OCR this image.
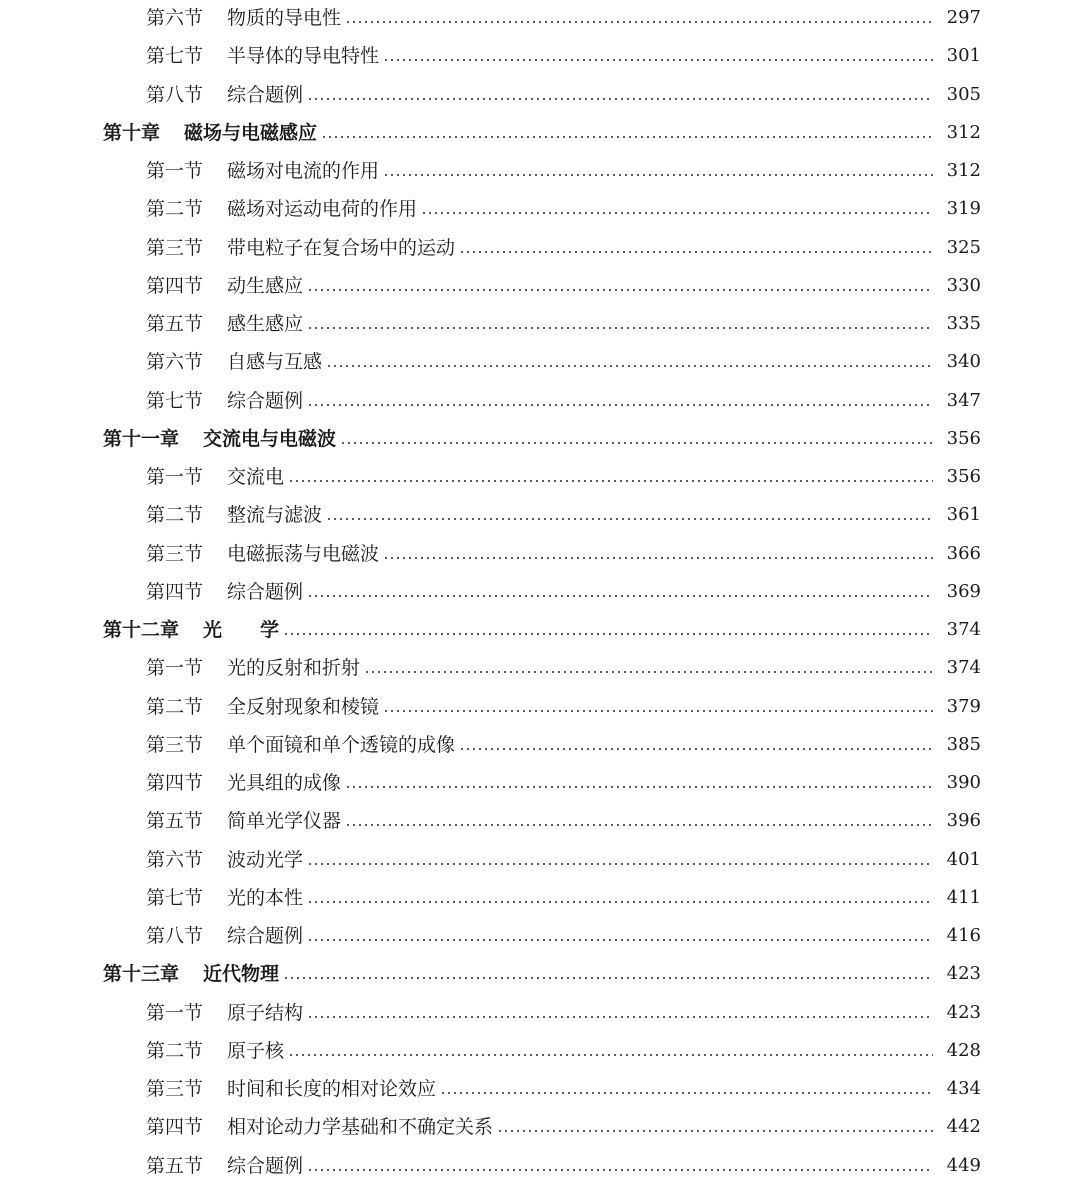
第六节 物质的导电性	297
第七节 半导体的导电特性	301
第八节 综合题例	305
第十章 磁场与电磁感应	312
第一节 磁场对电流的作用	312
第二节 磁场对运动电荷的作用	319
第三节 带电粒子在复合场中的运动	325
第四节 动生感应	330
第五节 感生感应	335
第六节 自感与互感	340
第七节 综合题例	347
第十一章 交流电与电磁波	356
第一节 交流电	356
第二节 整流与滤波	361
第三节 电磁振荡与电磁波	366
第四节 综合题例	369
第十二章 光　　学	374
第一节 光的反射和折射	374
第二节 全反射现象和棱镜	379
第三节 单个面镜和单个透镜的成像	385
第四节 光具组的成像	390
第五节 简单光学仪器	396
第六节 波动光学	401
第七节 光的本性	411
第八节 综合题例	416
第十三章 近代物理	423
第一节 原子结构	423
第二节 原子核	428
第三节 时间和长度的相对论效应	434
第四节 相对论动力学基础和不确定关系	442
第五节 综合题例	449
